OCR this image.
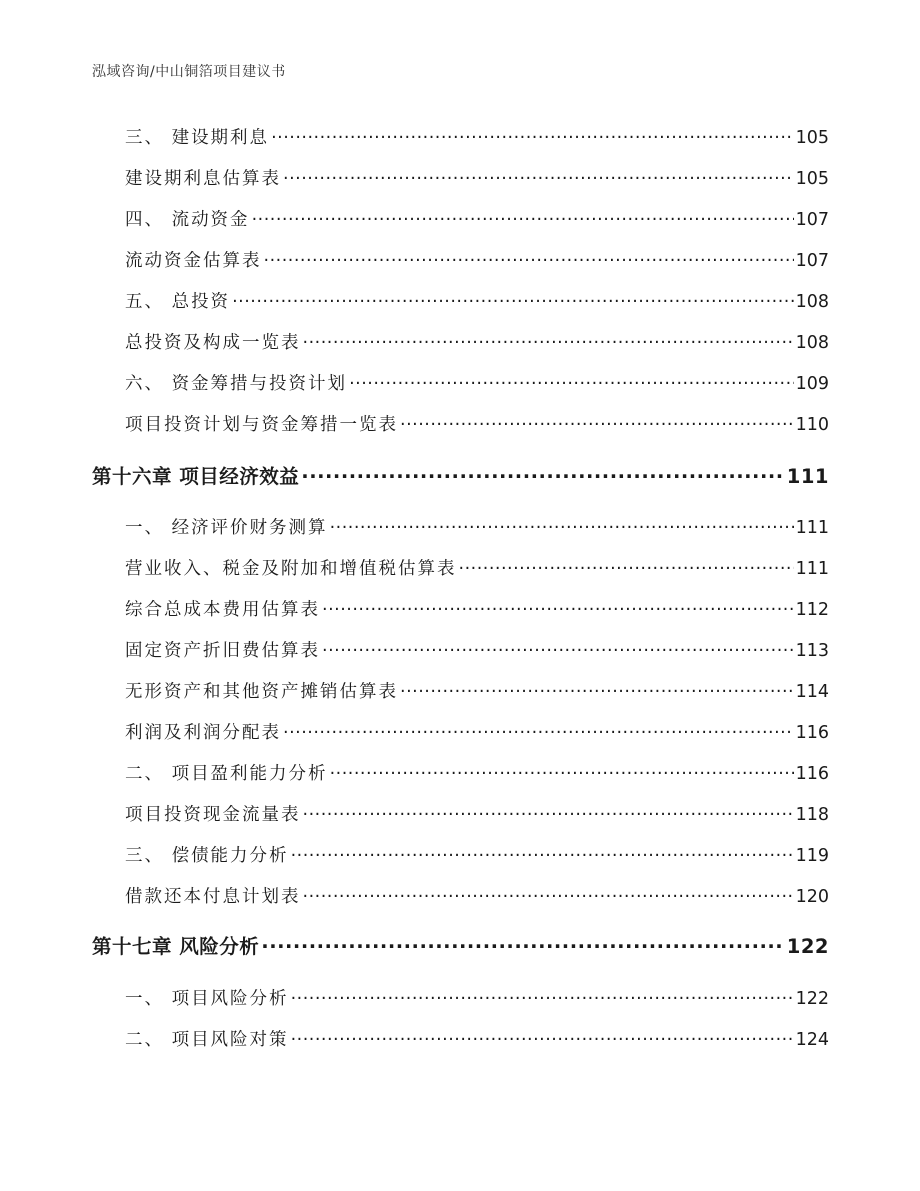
泓域咨询/中山铜箔项目建议书
三、 建设期利息 .....	105
建设期利息估算表 .....	105
四、 流动资金 .....	107
流动资金估算表 .....	107
五、 总投资 .....	108
总投资及构成一览表 .....	108
六、 资金筹措与投资计划 .....	109
项目投资计划与资金筹措一览表 .....	110
第十六章 项目经济效益 .....	111
一、 经济评价财务测算 .....	111
营业收入、税金及附加和增值税估算表 .....	111
综合总成本费用估算表 .....	112
固定资产折旧费估算表 .....	113
无形资产和其他资产摊销估算表 .....	114
利润及利润分配表 .....	116
二、 项目盈利能力分析 .....	116
项目投资现金流量表 .....	118
三、 偿债能力分析 .....	119
借款还本付息计划表 .....	120
第十七章 风险分析 .....	122
一、 项目风险分析 .....	122
二、 项目风险对策 .....	124
